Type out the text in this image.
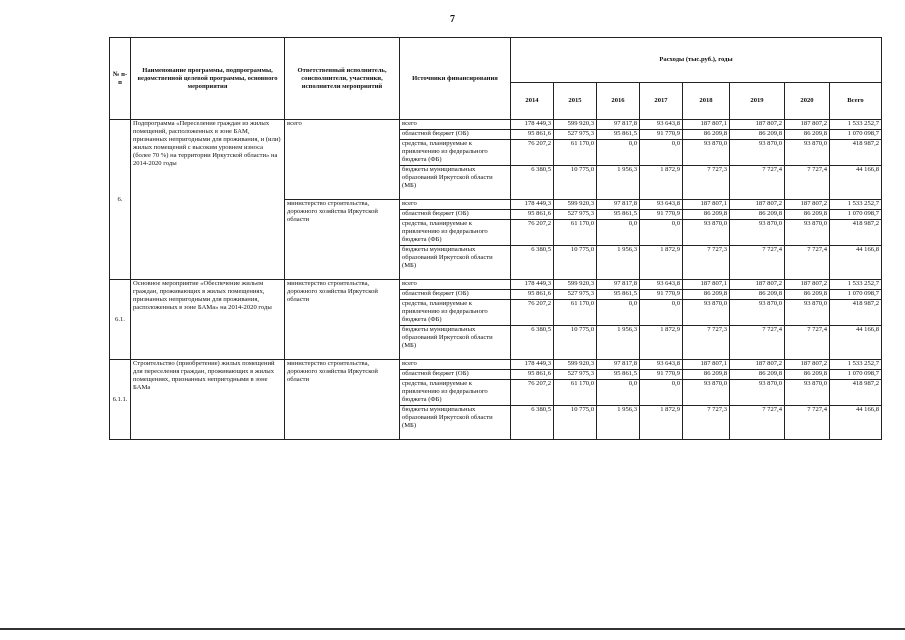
7
№ п-п	Наименование программы, подпрограммы, ведомственной целевой программы, основного мероприятия	Ответственный исполнитель, соисполнители, участники, исполнители мероприятий	Источники финансирования	Расходы (тыс.руб.), годы							
				2014	2015	2016	2017	2018	2019	2020	Всего
6.	Подпрограмма «Переселение граждан из жилых помещений, расположенных в зоне БАМ, признанных непригодными для проживания, и (или) жилых помещений с высоким уровнем износа (более 70 %) на территории Иркутской области» на 2014-2020 годы	всего	всего	178 449,3	599 920,3	97 817,8	93 643,8	187 807,1	187 807,2	187 807,2	1 533 252,7
			областной бюджет (ОБ)	95 861,6	527 975,3	95 861,5	91 770,9	86 209,8	86 209,8	86 209,8	1 070 098,7
			средства, планируемые к привлечению из федерального бюджета (ФБ)	76 207,2	61 170,0	0,0	0,0	93 870,0	93 870,0	93 870,0	418 987,2
			бюджеты муниципальных образований Иркутской области (МБ)	6 380,5	10 775,0	1 956,3	1 872,9	7 727,3	7 727,4	7 727,4	44 166,8
		министерство строительства, дорожного хозяйства Иркутской области	всего	178 449,3	599 920,3	97 817,8	93 643,8	187 807,1	187 807,2	187 807,2	1 533 252,7
			областной бюджет (ОБ)	95 861,6	527 975,3	95 861,5	91 770,9	86 209,8	86 209,8	86 209,8	1 070 098,7
			средства, планируемые к привлечению из федерального бюджета (ФБ)	76 207,2	61 170,0	0,0	0,0	93 870,0	93 870,0	93 870,0	418 987,2
			бюджеты муниципальных образований Иркутской области (МБ)	6 380,5	10 775,0	1 956,3	1 872,9	7 727,3	7 727,4	7 727,4	44 166,8
6.1.	Основное мероприятие «Обеспечение жильем граждан, проживающих в жилых помещениях, признанных непригодными для проживания, расположенных в зоне БАМа» на 2014-2020 годы	министерство строительства, дорожного хозяйства Иркутской области	всего	178 449,3	599 920,3	97 817,8	93 643,8	187 807,1	187 807,2	187 807,2	1 533 252,7
			областной бюджет (ОБ)	95 861,6	527 975,3	95 861,5	91 770,9	86 209,8	86 209,8	86 209,8	1 070 098,7
			средства, планируемые к привлечению из федерального бюджета (ФБ)	76 207,2	61 170,0	0,0	0,0	93 870,0	93 870,0	93 870,0	418 987,2
			бюджеты муниципальных образований Иркутской области (МБ)	6 380,5	10 775,0	1 956,3	1 872,9	7 727,3	7 727,4	7 727,4	44 166,8
6.1.1.	Строительство (приобретение) жилых помещений для переселения граждан, проживающих в жилых помещениях, признанных непригодными в зоне БАМа	министерство строительства, дорожного хозяйства Иркутской области	всего	178 449,3	599 920,3	97 817,8	93 643,8	187 807,1	187 807,2	187 807,2	1 533 252,7
			областной бюджет (ОБ)	95 861,6	527 975,3	95 861,5	91 770,9	86 209,8	86 209,8	86 209,8	1 070 098,7
			средства, планируемые к привлечению из федерального бюджета (ФБ)	76 207,2	61 170,0	0,0	0,0	93 870,0	93 870,0	93 870,0	418 987,2
			бюджеты муниципальных образований Иркутской области (МБ)	6 380,5	10 775,0	1 956,3	1 872,9	7 727,3	7 727,4	7 727,4	44 166,8
